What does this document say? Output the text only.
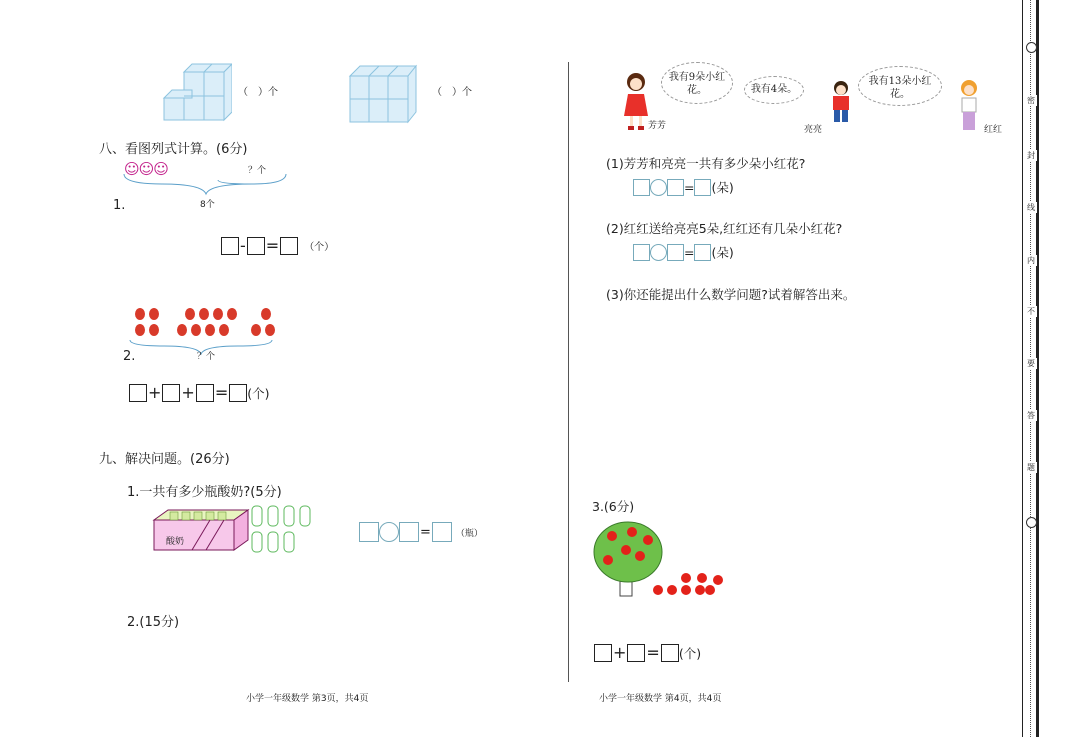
（　）个	（　）个
八、看图列式计算。(6分)
☺☺☺	？个
1.	8个
- =	（个）
2.	？个
+ + = (个)
九、解决问题。(26分)
1.一共有多少瓶酸奶?(5分)
酸奶
=	（瓶）
2.(15分)
小学一年级数学 第3页，共4页
我有9朵小红花。	我有4朵。
我有13朵小红花。
芳芳	亮亮	红红
(1)芳芳和亮亮一共有多少朵小红花?
= (朵)
(2)红红送给亮亮5朵,红红还有几朵小红花?
= (朵)
(3)你还能提出什么数学问题?试着解答出来。
3.(6分)
+ = (个)
小学一年级数学 第4页，共4页
密
封
线
内
不
要
答
题
